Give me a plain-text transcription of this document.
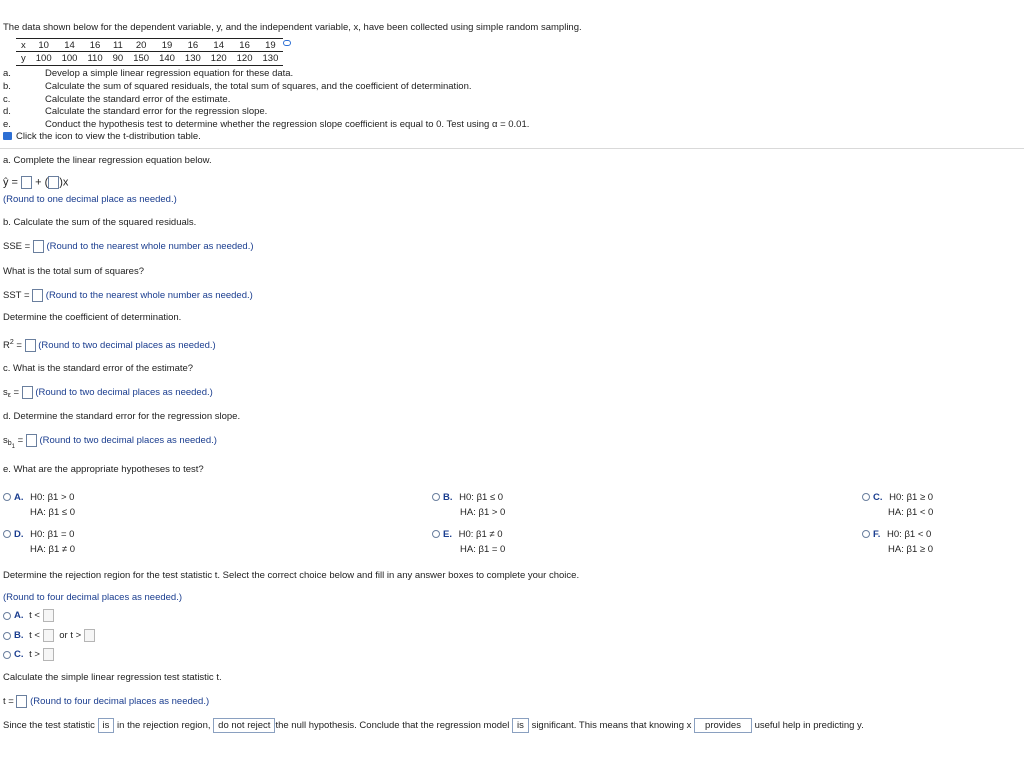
The data shown below for the dependent variable, y, and the independent variable, x, have been collected using simple random sampling.
x	10	14	16	11	20	19	16	14	16	19
y	100	100	110	90	150	140	130	120	120	130
a.	Develop a simple linear regression equation for these data.
b.	Calculate the sum of squared residuals, the total sum of squares, and the coefficient of determination.
c.	Calculate the standard error of the estimate.
d.	Calculate the standard error for the regression slope.
e.	Conduct the hypothesis test to determine whether the regression slope coefficient is equal to 0. Test using α = 0.01.
Click the icon to view the t-distribution table.
a. Complete the linear regression equation below.
ŷ = + ( )x
(Round to one decimal place as needed.)
b. Calculate the sum of the squared residuals.
SSE = (Round to the nearest whole number as needed.)
What is the total sum of squares?
SST = (Round to the nearest whole number as needed.)
Determine the coefficient of determination.
$R^2$ = (Round to two decimal places as needed.)
c. What is the standard error of the estimate?
$s_\varepsilon$ = (Round to two decimal places as needed.)
d. Determine the standard error for the regression slope.
$s_{b1}$ = (Round to two decimal places as needed.)
e. What are the appropriate hypotheses to test?
A. H0: β1 > 0
HA: β1 ≤ 0
B. H0: β1 ≤ 0
HA: β1 > 0
C. H0: β1 ≥ 0
HA: β1 < 0
D. H0: β1 = 0
HA: β1 ≠ 0
E. H0: β1 ≠ 0
HA: β1 = 0
F. H0: β1 < 0
HA: β1 ≥ 0
Determine the rejection region for the test statistic t. Select the correct choice below and fill in any answer boxes to complete your choice.
(Round to four decimal places as needed.)
A. t <
B. t < or t >
C. t >
Calculate the simple linear regression test statistic t.
t = (Round to four decimal places as needed.)
Since the test statistic is in the rejection region, do not reject the null hypothesis. Conclude that the regression model is significant. This means that knowing x provides useful help in predicting y.
